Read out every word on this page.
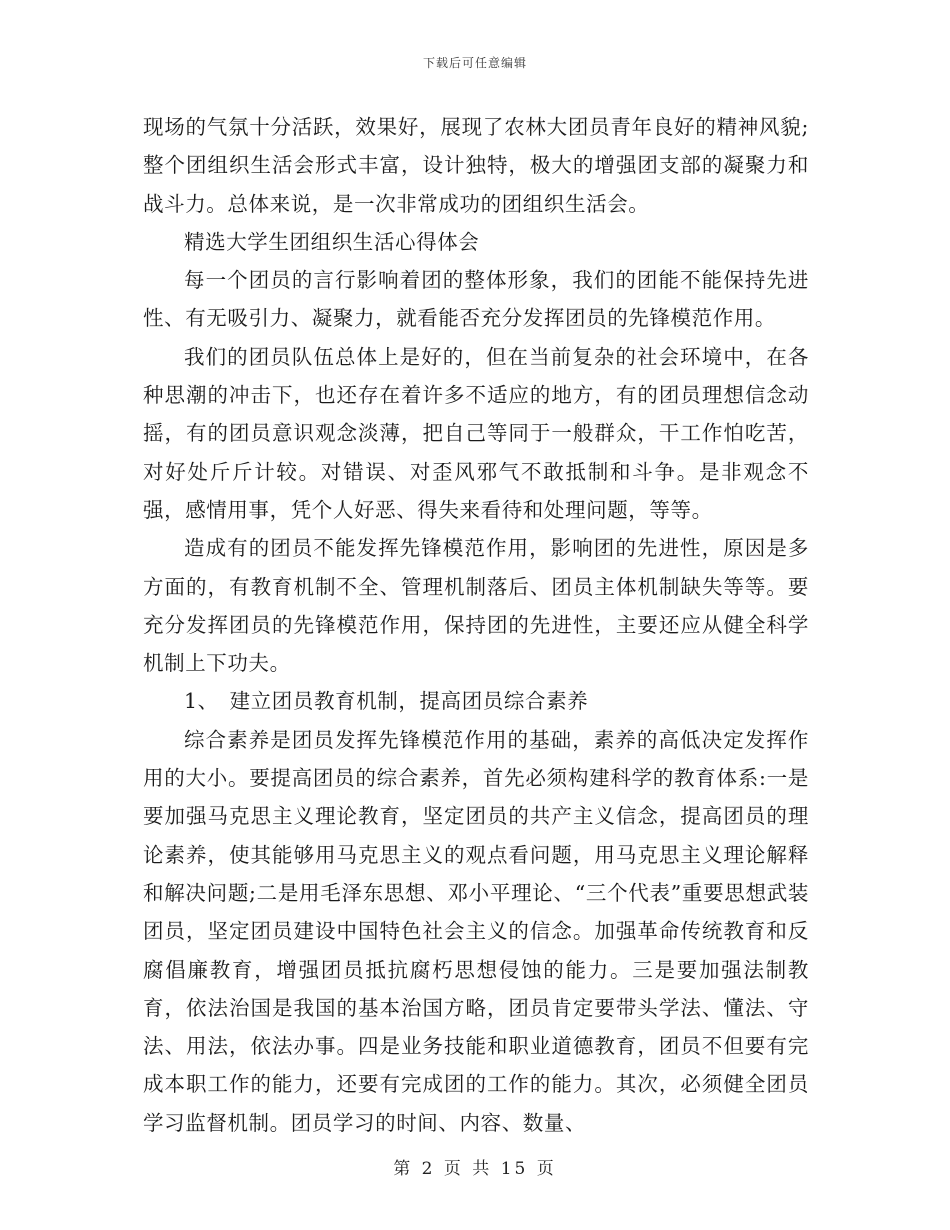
下载后可任意编辑

现场的气氛十分活跃，效果好，展现了农林大团员青年良好的精神风貌;整个团组织生活会形式丰富，设计独特，极大的增强团支部的凝聚力和战斗力。总体来说，是一次非常成功的团组织生活会。

精选大学生团组织生活心得体会

每一个团员的言行影响着团的整体形象，我们的团能不能保持先进性、有无吸引力、凝聚力，就看能否充分发挥团员的先锋模范作用。

我们的团员队伍总体上是好的，但在当前复杂的社会环境中，在各种思潮的冲击下，也还存在着许多不适应的地方，有的团员理想信念动摇，有的团员意识观念淡薄，把自己等同于一般群众，干工作怕吃苦，对好处斤斤计较。对错误、对歪风邪气不敢抵制和斗争。是非观念不强，感情用事，凭个人好恶、得失来看待和处理问题，等等。

造成有的团员不能发挥先锋模范作用，影响团的先进性，原因是多方面的，有教育机制不全、管理机制落后、团员主体机制缺失等等。要充分发挥团员的先锋模范作用，保持团的先进性，主要还应从健全科学机制上下功夫。

1、　建立团员教育机制，提高团员综合素养

综合素养是团员发挥先锋模范作用的基础，素养的高低决定发挥作用的大小。要提高团员的综合素养，首先必须构建科学的教育体系:一是要加强马克思主义理论教育，坚定团员的共产主义信念，提高团员的理论素养，使其能够用马克思主义的观点看问题，用马克思主义理论解释和解决问题;二是用毛泽东思想、邓小平理论、“三个代表”重要思想武装团员，坚定团员建设中国特色社会主义的信念。加强革命传统教育和反腐倡廉教育，增强团员抵抗腐朽思想侵蚀的能力。三是要加强法制教育，依法治国是我国的基本治国方略，团员肯定要带头学法、懂法、守法、用法，依法办事。四是业务技能和职业道德教育，团员不但要有完成本职工作的能力，还要有完成团的工作的能力。其次，必须健全团员学习监督机制。团员学习的时间、内容、数量、

第 2 页 共 15 页
